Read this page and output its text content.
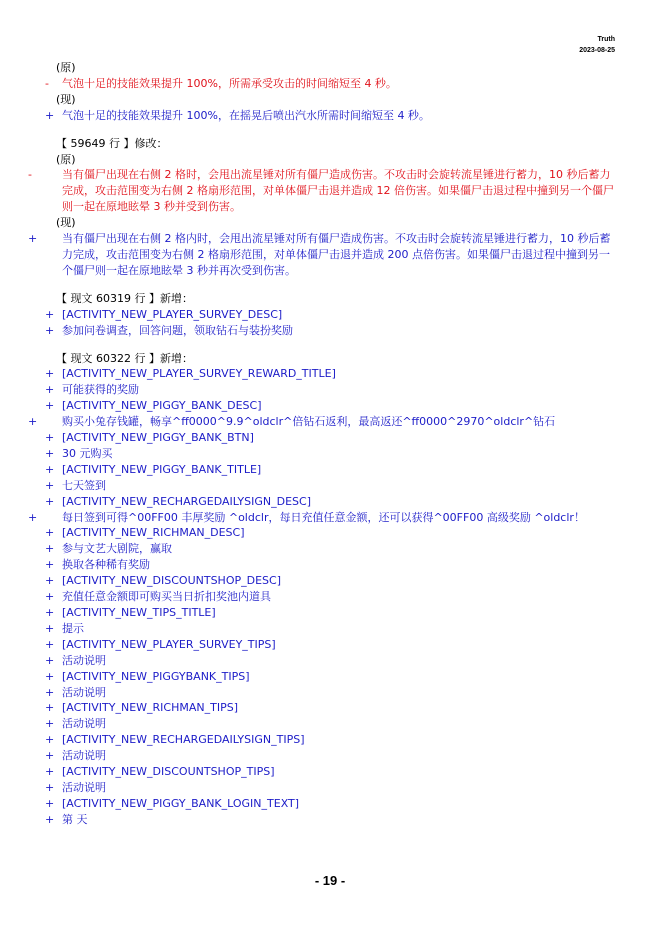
Truth
2023-08-25
(原)
- 气泡十足的技能效果提升 100%，所需承受攻击的时间缩短至 4 秒。
(现)
+ 气泡十足的技能效果提升 100%，在摇晃后喷出汽水所需时间缩短至 4 秒。
【 59649 行 】修改：
(原)
-	当有僵尸出现在右侧 2 格时，会甩出流星锤对所有僵尸造成伤害。不攻击时会旋转流星锤进行蓄力，10 秒后蓄力完成，攻击范围变为右侧 2 格扇形范围，对单体僵尸击退并造成 12 倍伤害。如果僵尸击退过程中撞到另一个僵尸则一起在原地眩晕 3 秒并受到伤害。
(现)
+ 当有僵尸出现在右侧 2 格内时，会甩出流星锤对所有僵尸造成伤害。不攻击时会旋转流星锤进行蓄力，10 秒后蓄力完成，攻击范围变为右侧 2 格扇形范围，对单体僵尸击退并造成 200 点倍伤害。如果僵尸击退过程中撞到另一个僵尸则一起在原地眩晕 3 秒并再次受到伤害。
【 现文 60319 行 】新增：
+ [ACTIVITY_NEW_PLAYER_SURVEY_DESC]
+ 参加问卷调查，回答问题，领取钻石与装扮奖励
【 现文 60322 行 】新增：
+ [ACTIVITY_NEW_PLAYER_SURVEY_REWARD_TITLE]
+ 可能获得的奖励
+ [ACTIVITY_NEW_PIGGY_BANK_DESC]
+ 购买小兔存钱罐，畅享^ff0000^9.9^oldclr^倍钻石返利，最高返还^ff0000^2970^oldclr^钻石
+ [ACTIVITY_NEW_PIGGY_BANK_BTN]
+ 30 元购买
+ [ACTIVITY_NEW_PIGGY_BANK_TITLE]
+ 七天签到
+ [ACTIVITY_NEW_RECHARGEDAILYSIGN_DESC]
+ 每日签到可得^00FF00 丰厚奖励 ^oldclr，每日充值任意金额，还可以获得^00FF00 高级奖励 ^oldclr！
+ [ACTIVITY_NEW_RICHMAN_DESC]
+ 参与文艺大剧院，赢取
+ 换取各种稀有奖励
+ [ACTIVITY_NEW_DISCOUNTSHOP_DESC]
+ 充值任意金额即可购买当日折扣奖池内道具
+ [ACTIVITY_NEW_TIPS_TITLE]
+ 提示
+ [ACTIVITY_NEW_PLAYER_SURVEY_TIPS]
+ 活动说明
+ [ACTIVITY_NEW_PIGGYBANK_TIPS]
+ 活动说明
+ [ACTIVITY_NEW_RICHMAN_TIPS]
+ 活动说明
+ [ACTIVITY_NEW_RECHARGEDAILYSIGN_TIPS]
+ 活动说明
+ [ACTIVITY_NEW_DISCOUNTSHOP_TIPS]
+ 活动说明
+ [ACTIVITY_NEW_PIGGY_BANK_LOGIN_TEXT]
+ 第 天
- 19 -
